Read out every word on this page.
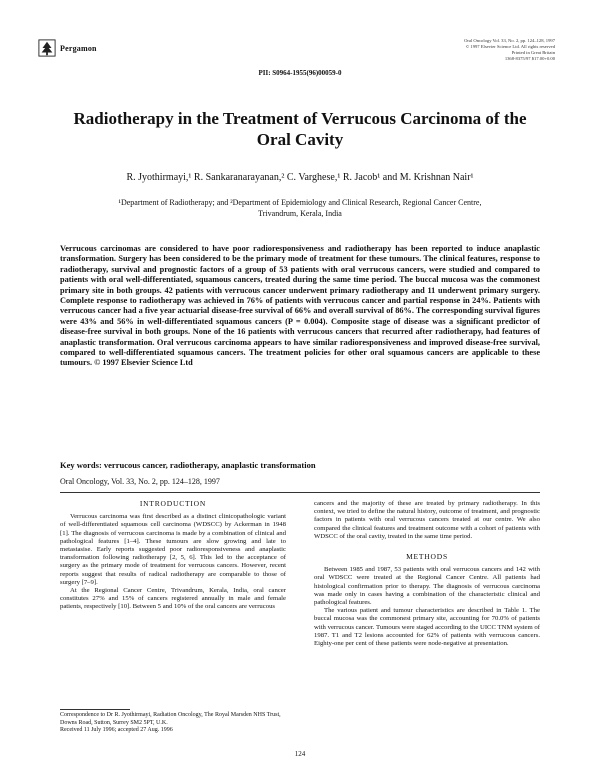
Pergamon
Oral Oncology Vol. 33, No. 2, pp. 124–128, 1997
© 1997 Elsevier Science Ltd. All rights reserved
Printed in Great Britain
1368-8375/97 $17.00+0.00
PII: S0964-1955(96)00059-0
Radiotherapy in the Treatment of Verrucous Carcinoma of the Oral Cavity
R. Jyothirmayi,¹ R. Sankaranarayanan,² C. Varghese,¹ R. Jacob¹ and M. Krishnan Nair¹
¹Department of Radiotherapy; and ²Department of Epidemiology and Clinical Research, Regional Cancer Centre, Trivandrum, Kerala, India

Verrucous carcinomas are considered to have poor radioresponsiveness and radiotherapy has been reported to induce anaplastic transformation. Surgery has been considered to be the primary mode of treatment for these tumours. The clinical features, response to radiotherapy, survival and prognostic factors of a group of 53 patients with oral verrucous cancers, were studied and compared to patients with oral well-differentiated, squamous cancers, treated during the same time period. The buccal mucosa was the commonest primary site in both groups. 42 patients with verrucous cancer underwent primary radiotherapy and 11 underwent primary surgery. Complete response to radiotherapy was achieved in 76% of patients with verrucous cancer and partial response in 24%. Patients with verrucous cancer had a five year actuarial disease-free survival of 66% and overall survival of 86%. The corresponding survival figures were 43% and 56% in well-differentiated squamous cancers (P = 0.004). Composite stage of disease was a significant predictor of disease-free survival in both groups. None of the 16 patients with verrucous cancers that recurred after radiotherapy, had features of anaplastic transformation. Oral verrucous carcinoma appears to have similar radioresponsiveness and improved disease-free survival, compared to well-differentiated squamous cancers. The treatment policies for other oral squamous cancers are applicable to these tumours. © 1997 Elsevier Science Ltd

Key words: verrucous cancer, radiotherapy, anaplastic transformation
Oral Oncology, Vol. 33, No. 2, pp. 124–128, 1997
INTRODUCTION

Verrucous carcinoma was first described as a distinct clinicopathologic variant of well-differentiated squamous cell carcinoma (WDSCC) by Ackerman in 1948 [1]. The diagnosis of verrucous carcinoma is made by a combination of clinical and pathological features [1–4]. These tumours are slow growing and late to metastasise. Early reports suggested poor radioresponsiveness and anaplastic transformation following radiotherapy [2, 5, 6]. This led to the acceptance of surgery as the primary mode of treatment for verrucous cancers. However, recent reports suggest that results of radical radiotherapy are comparable to those of surgery [7–9].

At the Regional Cancer Centre, Trivandrum, Kerala, India, oral cancer constitutes 27% and 15% of cancers registered annually in male and female patients, respectively [10]. Between 5 and 10% of the oral cancers are verrucous

Correspondence to Dr R. Jyothirmayi, Radiation Oncology, The Royal Marsden NHS Trust, Downs Road, Sutton, Surrey SM2 5PT, U.K.
Received 11 July 1996; accepted 27 Aug. 1996

cancers and the majority of these are treated by primary radiotherapy. In this context, we tried to define the natural history, outcome of treatment, and prognostic factors in patients with oral verrucous cancers treated at our centre. We also compared the clinical features and treatment outcome with a cohort of patients with WDSCC of the oral cavity, treated in the same time period.

METHODS

Between 1985 and 1987, 53 patients with oral verrucous cancers and 142 with oral WDSCC were treated at the Regional Cancer Centre. All patients had histological confirmation prior to therapy. The diagnosis of verrucous carcinoma was made only in cases having a combination of the characteristic clinical and pathological features.

The various patient and tumour characteristics are described in Table 1. The buccal mucosa was the commonest primary site, accounting for 70.0% of patients with verrucous cancer. Tumours were staged according to the UICC TNM system of 1987. T1 and T2 lesions accounted for 62% of patients with verrucous cancers. Eighty-one per cent of these patients were node-negative at presentation.

124
